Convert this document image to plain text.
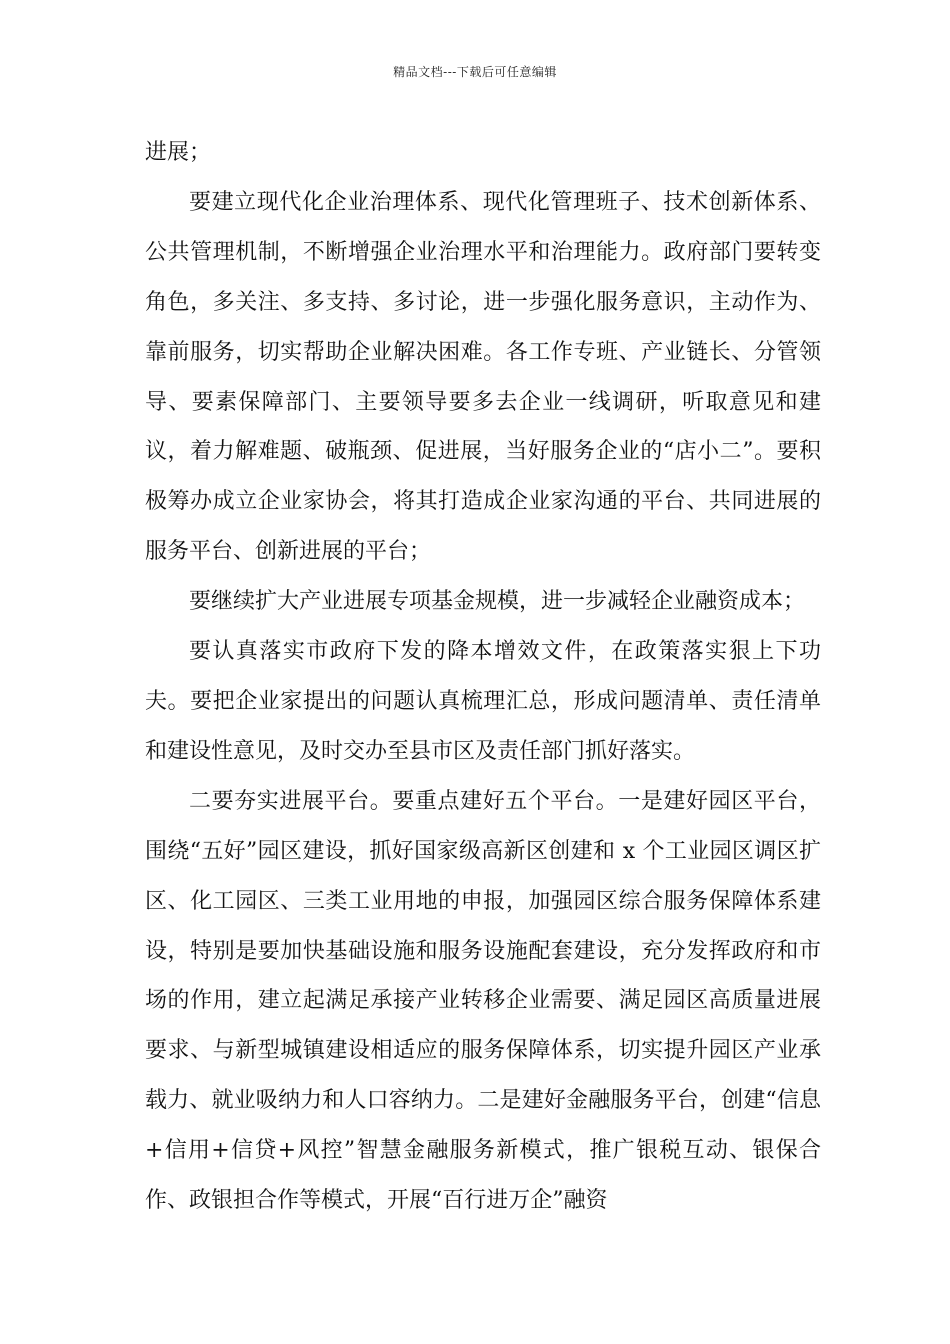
精品文档---下载后可任意编辑

进展；

要建立现代化企业治理体系、现代化管理班子、技术创新体系、公共管理机制，不断增强企业治理水平和治理能力。政府部门要转变角色，多关注、多支持、多讨论，进一步强化服务意识，主动作为、靠前服务，切实帮助企业解决困难。各工作专班、产业链长、分管领导、要素保障部门、主要领导要多去企业一线调研，听取意见和建议，着力解难题、破瓶颈、促进展，当好服务企业的“店小二”。要积极筹办成立企业家协会，将其打造成企业家沟通的平台、共同进展的服务平台、创新进展的平台；

要继续扩大产业进展专项基金规模，进一步减轻企业融资成本；

要认真落实市政府下发的降本增效文件，在政策落实狠上下功夫。要把企业家提出的问题认真梳理汇总，形成问题清单、责任清单和建设性意见，及时交办至县市区及责任部门抓好落实。

二要夯实进展平台。要重点建好五个平台。一是建好园区平台，围绕“五好”园区建设，抓好国家级高新区创建和 x 个工业园区调区扩区、化工园区、三类工业用地的申报，加强园区综合服务保障体系建设，特别是要加快基础设施和服务设施配套建设，充分发挥政府和市场的作用，建立起满足承接产业转移企业需要、满足园区高质量进展要求、与新型城镇建设相适应的服务保障体系，切实提升园区产业承载力、就业吸纳力和人口容纳力。二是建好金融服务平台，创建“信息+信用+信贷+风控”智慧金融服务新模式，推广银税互动、银保合作、政银担合作等模式，开展“百行进万企”融资
